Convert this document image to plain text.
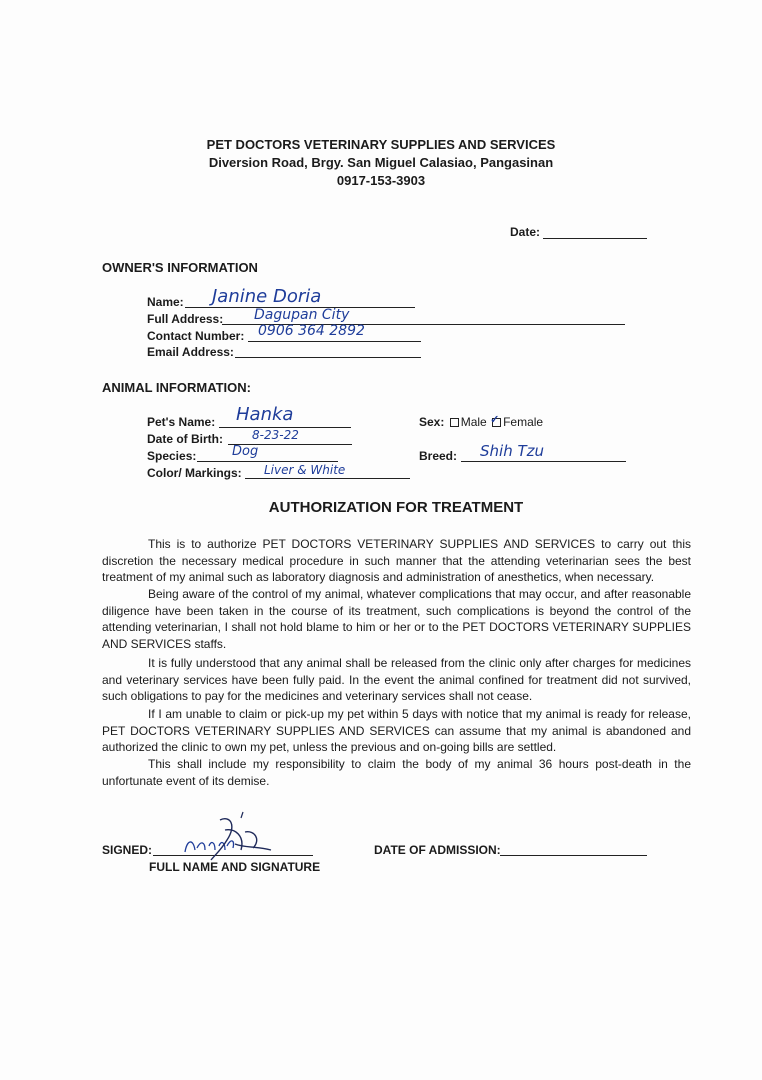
PET DOCTORS VETERINARY SUPPLIES AND SERVICES
Diversion Road, Brgy. San Miguel Calasiao, Pangasinan
0917-153-3903
Date:
OWNER'S INFORMATION
Name: Janine Doria
Full Address: Dagupan City
Contact Number: 0906 364 2892
Email Address:
ANIMAL INFORMATION:
Pet's Name: Hanka
Date of Birth: 8-23-22
Species:	Dog
Color/ Markings: Liver & White
Sex: Male ✓ Female
Breed: Shih Tzu
AUTHORIZATION FOR TREATMENT
This is to authorize PET DOCTORS VETERINARY SUPPLIES AND SERVICES to carry out this discretion the necessary medical procedure in such manner that the attending veterinarian sees the best treatment of my animal such as laboratory diagnosis and administration of anesthetics, when necessary.
Being aware of the control of my animal, whatever complications that may occur, and after reasonable diligence have been taken in the course of its treatment, such complications is beyond the control of the attending veterinarian, I shall not hold blame to him or her or to the PET DOCTORS VETERINARY SUPPLIES AND SERVICES staffs.
It is fully understood that any animal shall be released from the clinic only after charges for medicines and veterinary services have been fully paid. In the event the animal confined for treatment did not survived, such obligations to pay for the medicines and veterinary services shall not cease.
If I am unable to claim or pick-up my pet within 5 days with notice that my animal is ready for release, PET DOCTORS VETERINARY SUPPLIES AND SERVICES can assume that my animal is abandoned and authorized the clinic to own my pet, unless the previous and on-going bills are settled.
This shall include my responsibility to claim the body of my animal 36 hours post-death in the unfortunate event of its demise.
SIGNED:
FULL NAME AND SIGNATURE
DATE OF ADMISSION:
